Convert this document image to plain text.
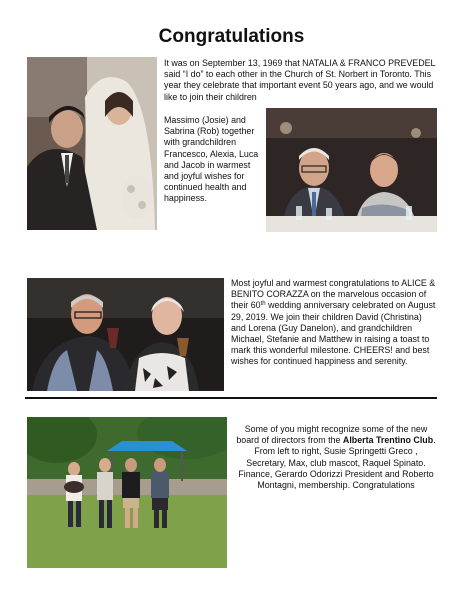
Congratulations
It was on September 13, 1969 that NATALIA & FRANCO PREVEDEL said “I do” to each other in the Church of St. Norbert in Toronto. This year they celebrate that important event 50 years ago, and we would like to join their children
Massimo (Josie) and Sabrina (Rob) together with grandchildren Francesco, Alexia, Luca and Jacob in warmest and joyful wishes for continued health and happiness.
Most joyful and warmest congratulations to ALICE & BENITO CORAZZA on the marvelous occasion of their 60th wedding anniversary celebrated on August 29, 2019. We join their children David (Christina) and Lorena (Guy Danelon), and grandchildren Michael, Stefanie and Matthew in raising a toast to mark this wonderful milestone. CHEERS! and best wishes for continued happiness and serenity.
Some of you might recognize some of the new board of directors from the Alberta Trentino Club. From left to right, Susie Springetti Greco , Secretary, Max, club mascot, Raquel Spinato. Finance, Gerardo Odorizzi President and Roberto Montagni, membership. Congratulations
